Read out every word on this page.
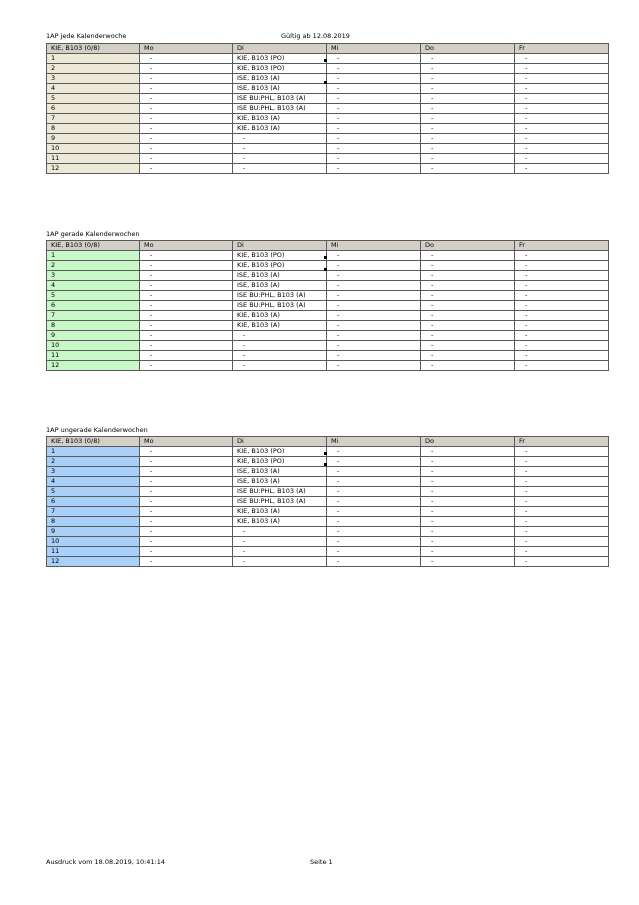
1AP jede Kalenderwoche	Gültig ab 12.08.2019
KIE, B103 (0/8)	Mo	Di	Mi	Do	Fr
1	-	KIE, B103 (PO)	-	-	-
2	-	KIE, B103 (PO)	-	-	-
3	-	ISE, B103 (A)	-	-	-
4	-	ISE, B103 (A)	-	-	-
5	-	ISE BU:PHL, B103 (A)	-	-	-
6	-	ISE BU:PHL, B103 (A)	-	-	-
7	-	KIE, B103 (A)	-	-	-
8	-	KIE, B103 (A)	-	-	-
9	-	-	-	-	-
10	-	-	-	-	-
11	-	-	-	-	-
12	-	-	-	-	-
1AP gerade Kalenderwochen
KIE, B103 (0/8)	Mo	Di	Mi	Do	Fr
1	-	KIE, B103 (PO)	-	-	-
2	-	KIE, B103 (PO)	-	-	-
3	-	ISE, B103 (A)	-	-	-
4	-	ISE, B103 (A)	-	-	-
5	-	ISE BU:PHL, B103 (A)	-	-	-
6	-	ISE BU:PHL, B103 (A)	-	-	-
7	-	KIE, B103 (A)	-	-	-
8	-	KIE, B103 (A)	-	-	-
9	-	-	-	-	-
10	-	-	-	-	-
11	-	-	-	-	-
12	-	-	-	-	-
1AP ungerade Kalenderwochen
KIE, B103 (0/8)	Mo	Di	Mi	Do	Fr
1	-	KIE, B103 (PO)	-	-	-
2	-	KIE, B103 (PO)	-	-	-
3	-	ISE, B103 (A)	-	-	-
4	-	ISE, B103 (A)	-	-	-
5	-	ISE BU:PHL, B103 (A)	-	-	-
6	-	ISE BU:PHL, B103 (A)	-	-	-
7	-	KIE, B103 (A)	-	-	-
8	-	KIE, B103 (A)	-	-	-
9	-	-	-	-	-
10	-	-	-	-	-
11	-	-	-	-	-
12	-	-	-	-	-
Ausdruck vom 18.08.2019, 10:41:14	Seite 1
